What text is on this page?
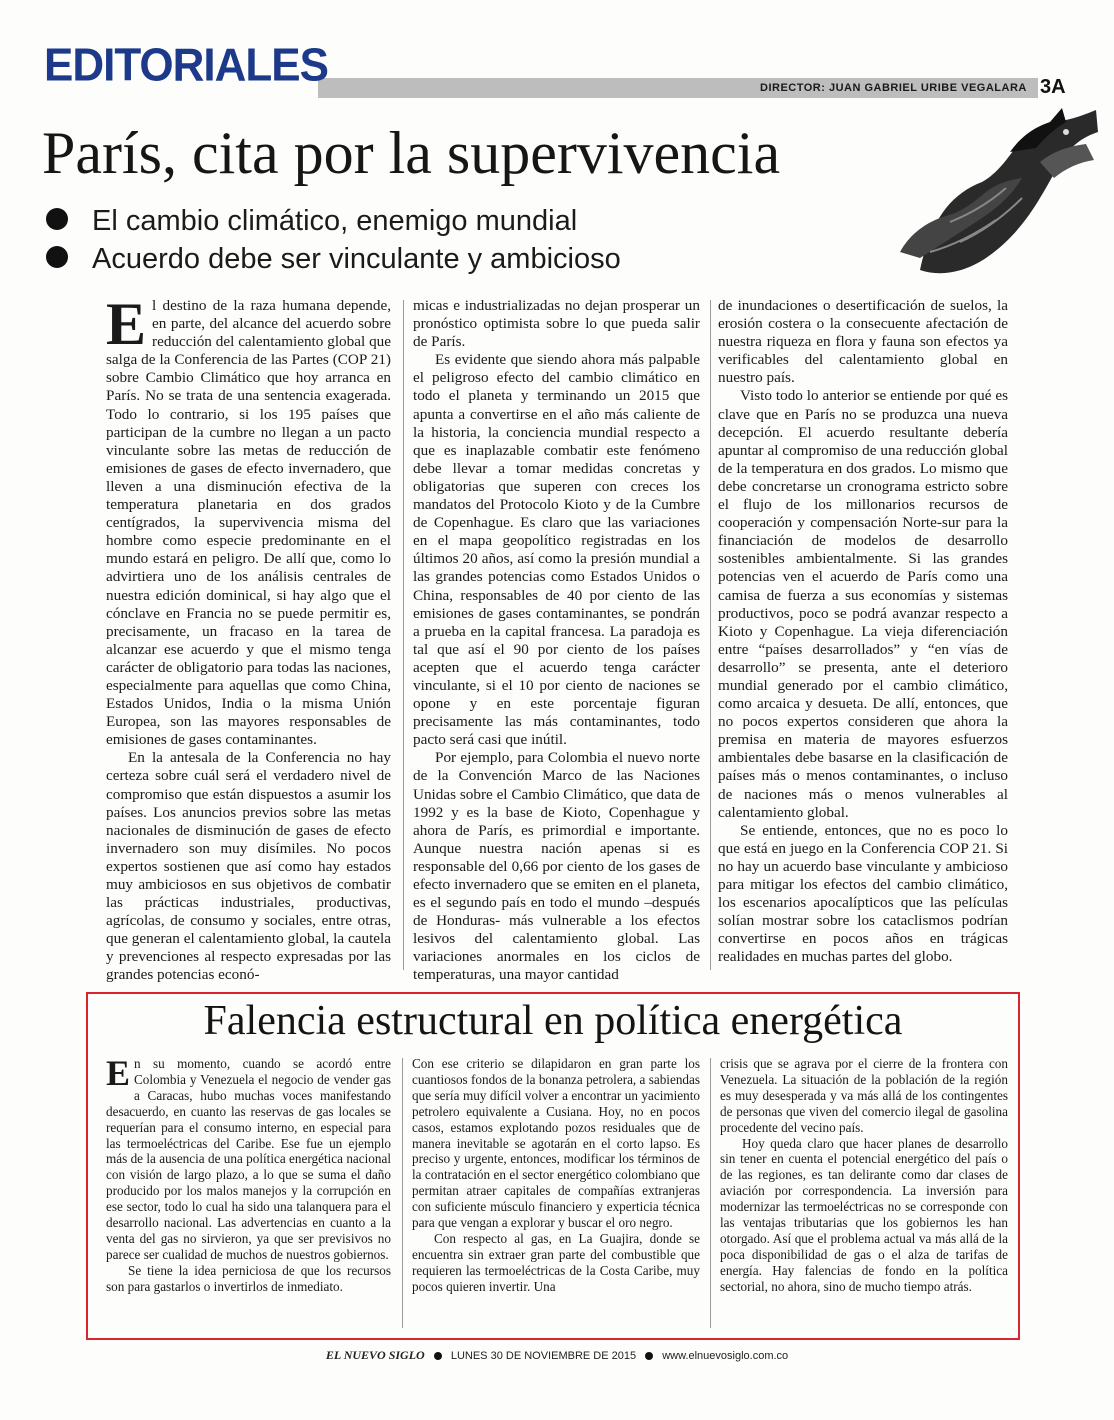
EDITORIALES	DIRECTOR: JUAN GABRIEL URIBE VEGALARA 3A
París, cita por la supervivencia
El cambio climático, enemigo mundial
Acuerdo debe ser vinculante y ambicioso

El destino de la raza humana depende, en parte, del alcance del acuerdo sobre reducción del calentamiento global que salga de la Conferencia de las Partes (COP 21) sobre Cambio Climático que hoy arranca en París. No se trata de una sentencia exagerada. Todo lo contrario, si los 195 países que participan de la cumbre no llegan a un pacto vinculante sobre las metas de reducción de emisiones de gases de efecto invernadero, que lleven a una disminución efectiva de la temperatura planetaria en dos grados centígrados, la supervivencia misma del hombre como especie predominante en el mundo estará en peligro. De allí que, como lo advirtiera uno de los análisis centrales de nuestra edición dominical, si hay algo que el cónclave en Francia no se puede permitir es, precisamente, un fracaso en la tarea de alcanzar ese acuerdo y que el mismo tenga carácter de obligatorio para todas las naciones, especialmente para aquellas que como China, Estados Unidos, India o la misma Unión Europea, son las mayores responsables de emisiones de gases contaminantes.

En la antesala de la Conferencia no hay certeza sobre cuál será el verdadero nivel de compromiso que están dispuestos a asumir los países. Los anuncios previos sobre las metas nacionales de disminución de gases de efecto invernadero son muy disímiles. No pocos expertos sostienen que así como hay estados muy ambiciosos en sus objetivos de combatir las prácticas industriales, productivas, agrícolas, de consumo y sociales, entre otras, que generan el calentamiento global, la cautela y prevenciones al respecto expresadas por las grandes potencias econó-

micas e industrializadas no dejan prosperar un pronóstico optimista sobre lo que pueda salir de París.

Es evidente que siendo ahora más palpable el peligroso efecto del cambio climático en todo el planeta y terminando un 2015 que apunta a convertirse en el año más caliente de la historia, la conciencia mundial respecto a que es inaplazable combatir este fenómeno debe llevar a tomar medidas concretas y obligatorias que superen con creces los mandatos del Protocolo Kioto y de la Cumbre de Copenhague. Es claro que las variaciones en el mapa geopolítico registradas en los últimos 20 años, así como la presión mundial a las grandes potencias como Estados Unidos o China, responsables de 40 por ciento de las emisiones de gases contaminantes, se pondrán a prueba en la capital francesa. La paradoja es tal que así el 90 por ciento de los países acepten que el acuerdo tenga carácter vinculante, si el 10 por ciento de naciones se opone y en este porcentaje figuran precisamente las más contaminantes, todo pacto será casi que inútil.

Por ejemplo, para Colombia el nuevo norte de la Convención Marco de las Naciones Unidas sobre el Cambio Climático, que data de 1992 y es la base de Kioto, Copenhague y ahora de París, es primordial e importante. Aunque nuestra nación apenas si es responsable del 0,66 por ciento de los gases de efecto invernadero que se emiten en el planeta, es el segundo país en todo el mundo –después de Honduras- más vulnerable a los efectos lesivos del calentamiento global. Las variaciones anormales en los ciclos de temperaturas, una mayor cantidad

de inundaciones o desertificación de suelos, la erosión costera o la consecuente afectación de nuestra riqueza en flora y fauna son efectos ya verificables del calentamiento global en nuestro país.

Visto todo lo anterior se entiende por qué es clave que en París no se produzca una nueva decepción. El acuerdo resultante debería apuntar al compromiso de una reducción global de la temperatura en dos grados. Lo mismo que debe concretarse un cronograma estricto sobre el flujo de los millonarios recursos de cooperación y compensación Norte-sur para la financiación de modelos de desarrollo sostenibles ambientalmente. Si las grandes potencias ven el acuerdo de París como una camisa de fuerza a sus economías y sistemas productivos, poco se podrá avanzar respecto a Kioto y Copenhague. La vieja diferenciación entre “países desarrollados” y “en vías de desarrollo” se presenta, ante el deterioro mundial generado por el cambio climático, como arcaica y desueta. De allí, entonces, que no pocos expertos consideren que ahora la premisa en materia de mayores esfuerzos ambientales debe basarse en la clasificación de países más o menos contaminantes, o incluso de naciones más o menos vulnerables al calentamiento global.

Se entiende, entonces, que no es poco lo que está en juego en la Conferencia COP 21. Si no hay un acuerdo base vinculante y ambicioso para mitigar los efectos del cambio climático, los escenarios apocalípticos que las películas solían mostrar sobre los cataclismos podrían convertirse en pocos años en trágicas realidades en muchas partes del globo.

Falencia estructural en política energética

En su momento, cuando se acordó entre Colombia y Venezuela el negocio de vender gas a Caracas, hubo muchas voces manifestando desacuerdo, en cuanto las reservas de gas locales se requerían para el consumo interno, en especial para las termoeléctricas del Caribe. Ese fue un ejemplo más de la ausencia de una política energética nacional con visión de largo plazo, a lo que se suma el daño producido por los malos manejos y la corrupción en ese sector, todo lo cual ha sido una talanquera para el desarrollo nacional. Las advertencias en cuanto a la venta del gas no sirvieron, ya que ser previsivos no parece ser cualidad de muchos de nuestros gobiernos.

Se tiene la idea perniciosa de que los recursos son para gastarlos o invertirlos de inmediato.

Con ese criterio se dilapidaron en gran parte los cuantiosos fondos de la bonanza petrolera, a sabiendas que sería muy difícil volver a encontrar un yacimiento petrolero equivalente a Cusiana. Hoy, no en pocos casos, estamos explotando pozos residuales que de manera inevitable se agotarán en el corto lapso. Es preciso y urgente, entonces, modificar los términos de la contratación en el sector energético colombiano que permitan atraer capitales de compañías extranjeras con suficiente músculo financiero y experticia técnica para que vengan a explorar y buscar el oro negro.

Con respecto al gas, en La Guajira, donde se encuentra sin extraer gran parte del combustible que requieren las termoeléctricas de la Costa Caribe, muy pocos quieren invertir. Una

crisis que se agrava por el cierre de la frontera con Venezuela. La situación de la población de la región es muy desesperada y va más allá de los contingentes de personas que viven del comercio ilegal de gasolina procedente del vecino país.

Hoy queda claro que hacer planes de desarrollo sin tener en cuenta el potencial energético del país o de las regiones, es tan delirante como dar clases de aviación por correspondencia. La inversión para modernizar las termoeléctricas no se corresponde con las ventajas tributarias que los gobiernos les han otorgado. Así que el problema actual va más allá de la poca disponibilidad de gas o el alza de tarifas de energía. Hay falencias de fondo en la política sectorial, no ahora, sino de mucho tiempo atrás.

EL NUEVO SIGLO LUNES 30 DE NOVIEMBRE DE 2015 www.elnuevosiglo.com.co
